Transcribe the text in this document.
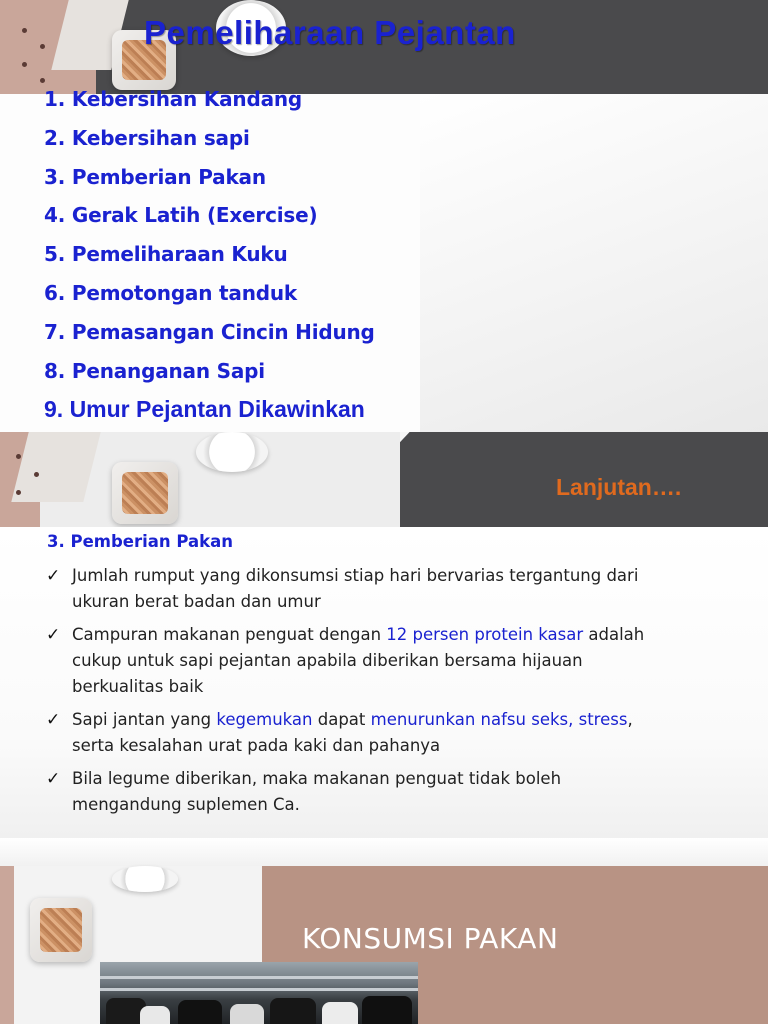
Pemeliharaan Pejantan
1. Kebersihan Kandang
2. Kebersihan sapi
3. Pemberian Pakan
4. Gerak Latih (Exercise)
5. Pemeliharaan Kuku
6. Pemotongan tanduk
7. Pemasangan Cincin Hidung
8. Penanganan Sapi
9. Umur Pejantan Dikawinkan
Lanjutan….
3. Pemberian Pakan
✓ Jumlah rumput yang dikonsumsi stiap hari bervarias tergantung dari ukuran berat badan dan umur
✓ Campuran makanan penguat dengan 12 persen protein kasar adalah cukup untuk sapi pejantan apabila diberikan bersama hijauan berkualitas baik
✓ Sapi jantan yang kegemukan dapat menurunkan nafsu seks, stress, serta kesalahan urat pada kaki dan pahanya
✓ Bila legume diberikan, maka makanan penguat tidak boleh mengandung suplemen Ca.
KONSUMSI PAKAN
